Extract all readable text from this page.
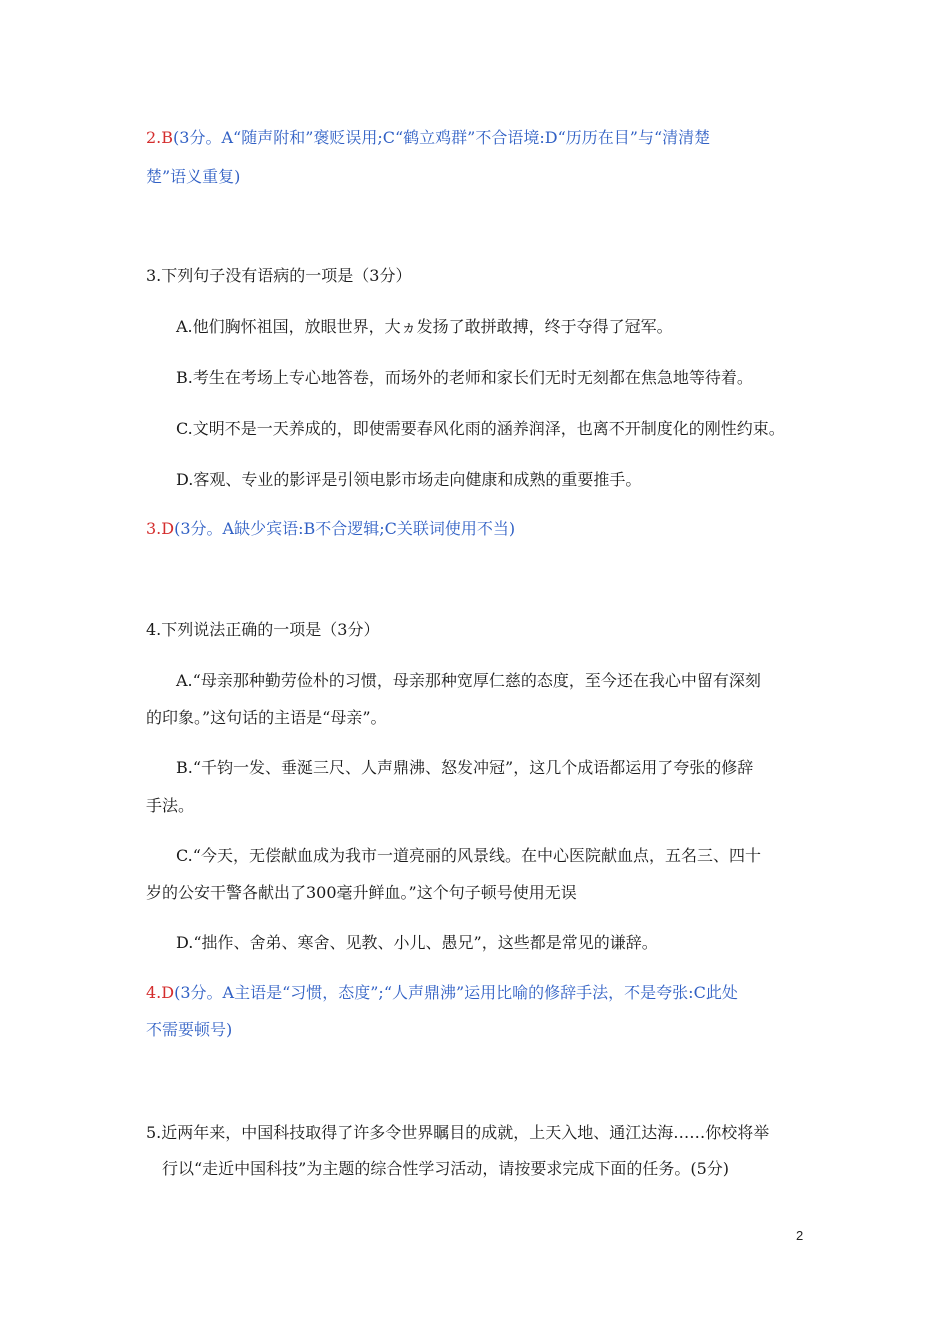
2.B(3分。A“随声附和”褒贬误用;C“鹤立鸡群”不合语境:D“历历在目”与“清清楚
楚”语义重复)
3.下列句子没有语病的一项是（3分）
A.他们胸怀祖国，放眼世界，大ヵ发扬了敢拼敢搏，终于夺得了冠军。
B.考生在考场上专心地答卷，而场外的老师和家长们无时无刻都在焦急地等待着。
C.文明不是一天养成的，即使需要春风化雨的涵养润泽，也离不开制度化的刚性约束。
D.客观、专业的影评是引领电影市场走向健康和成熟的重要推手。
3.D(3分。A缺少宾语:B不合逻辑;C关联词使用不当)
4.下列说法正确的一项是（3分）
A.“母亲那种勤劳俭朴的习惯，母亲那种宽厚仁慈的态度，至今还在我心中留有深刻
的印象。”这句话的主语是“母亲”。
B.“千钧一发、垂涎三尺、人声鼎沸、怒发冲冠”，这几个成语都运用了夸张的修辞
手法。
C.“今天，无偿献血成为我市一道亮丽的风景线。在中心医院献血点，五名三、四十
岁的公安干警各献出了300毫升鲜血。”这个句子顿号使用无误
D.“拙作、舍弟、寒舍、见教、小儿、愚兄”，这些都是常见的谦辞。
4.D(3分。A主语是“习惯，态度”;“人声鼎沸”运用比喻的修辞手法，不是夸张:C此处
不需要顿号)
5.近两年来，中国科技取得了许多令世界瞩目的成就，上天入地、通江达海……你校将举
行以“走近中国科技”为主题的综合性学习活动，请按要求完成下面的任务。(5分)
2
